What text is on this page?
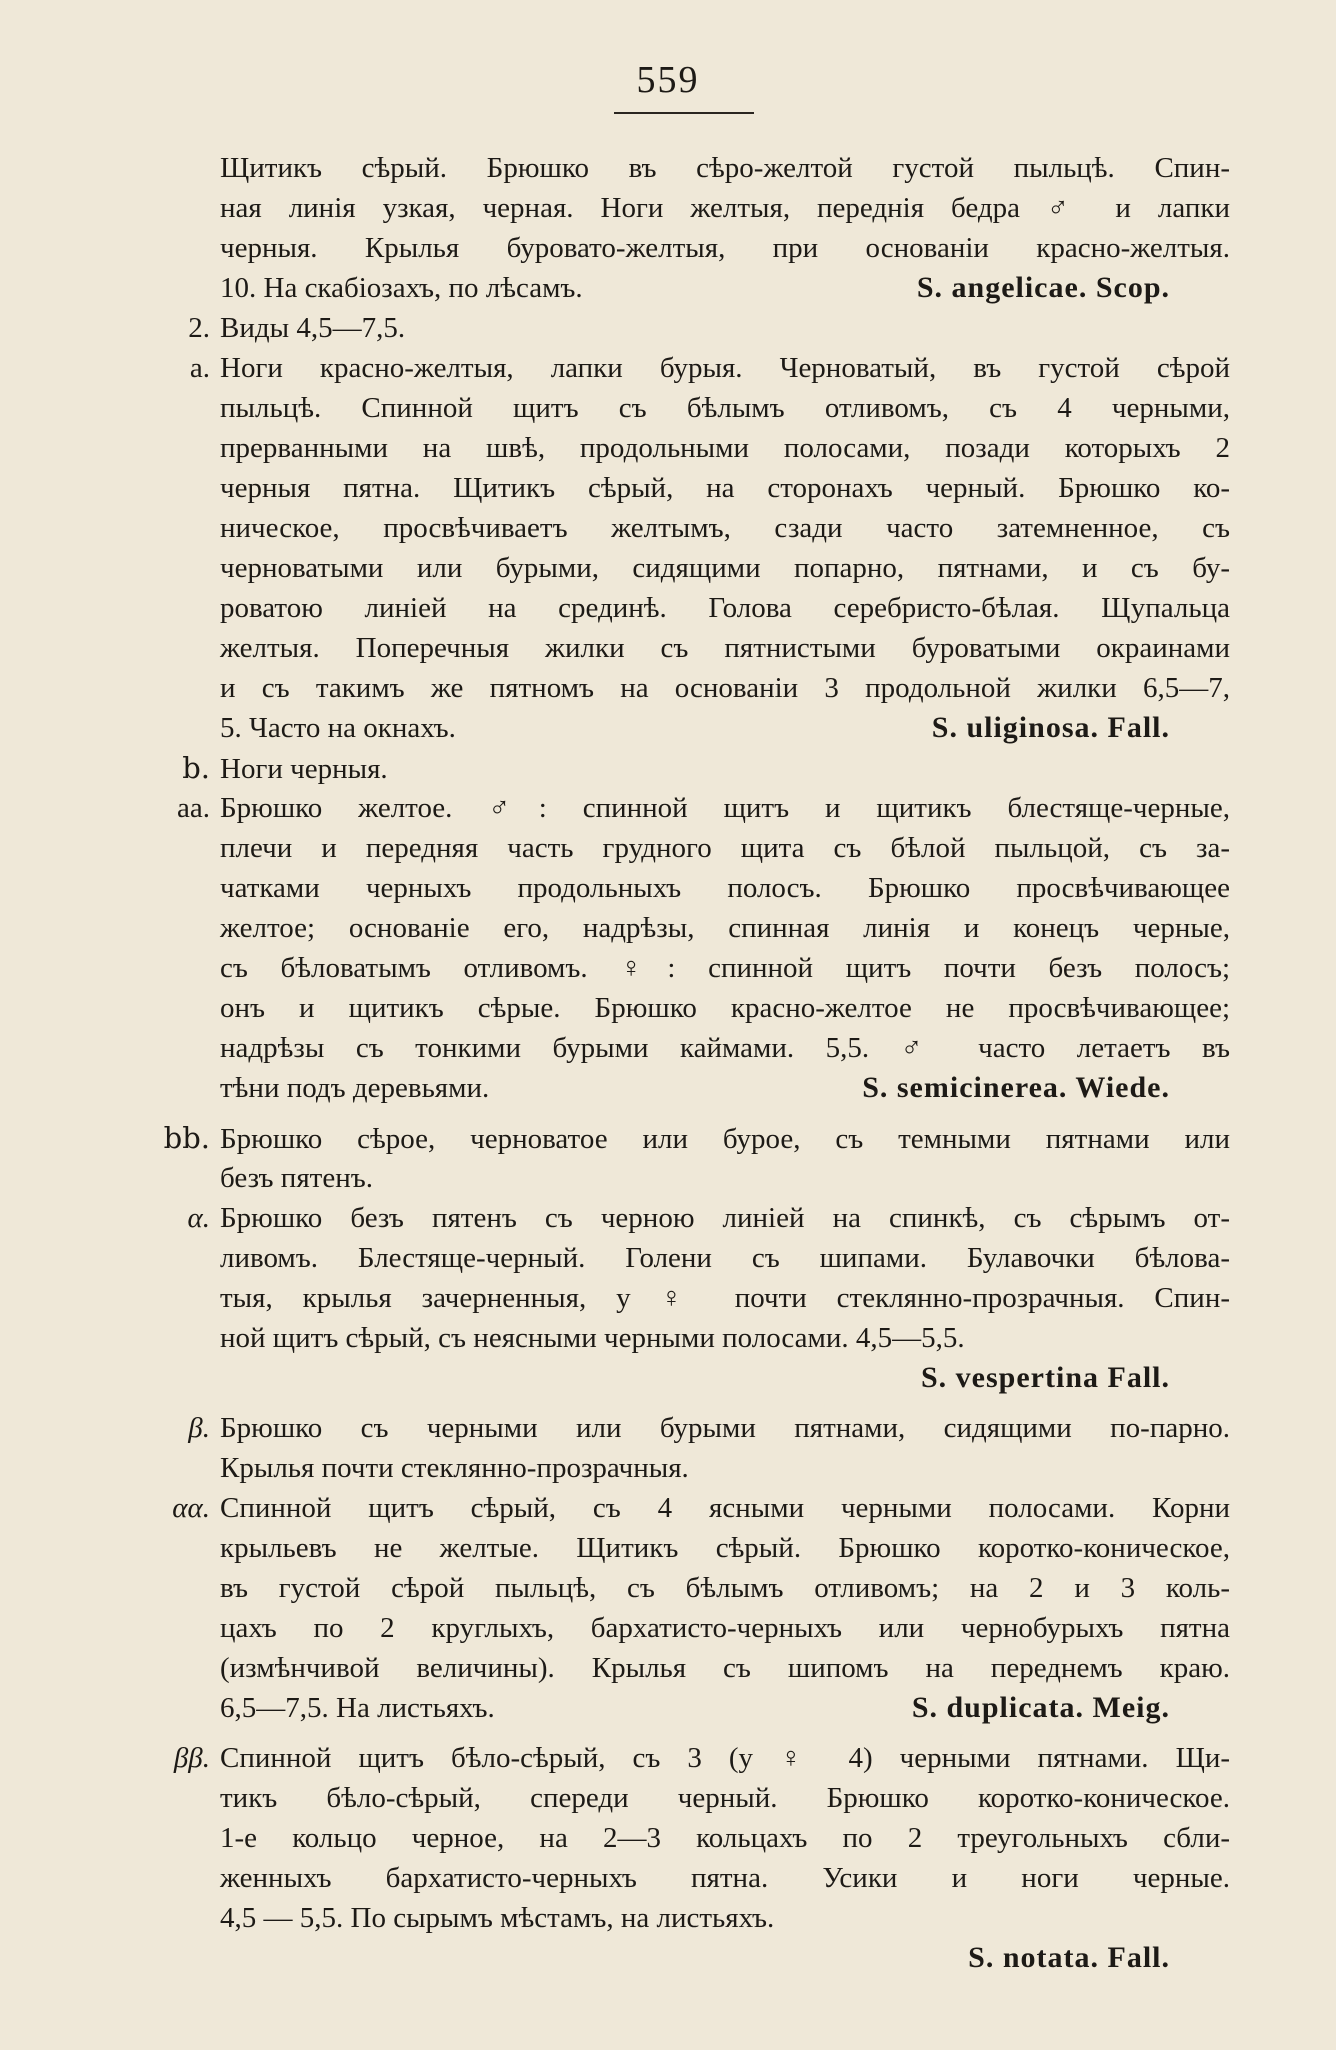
559
Щитикъ сѣрый. Брюшко въ сѣро-желтой густой пыльцѣ. Спин-
ная линія узкая, черная. Ноги желтыя, переднія бедра ♂ и лапки
черныя. Крылья буровато-желтыя, при основаніи красно-желтыя.
10. На скабіозахъ, по лѣсамъ.	S. angelicae. Scop.
2. Виды 4,5—7,5.
a. Ноги красно-желтыя, лапки бурыя. Черноватый, въ густой сѣрой
пыльцѣ. Спинной щитъ съ бѣлымъ отливомъ, съ 4 черными,
прерванными на швѣ, продольными полосами, позади которыхъ 2
черныя пятна. Щитикъ сѣрый, на сторонахъ черный. Брюшко ко-
ническое, просвѣчиваетъ желтымъ, сзади часто затемненное, съ
черноватыми или бурыми, сидящими попарно, пятнами, и съ бу-
роватою линіей на срединѣ. Голова серебристо-бѣлая. Щупальца
желтыя. Поперечныя жилки съ пятнистыми буроватыми окраинами
и съ такимъ же пятномъ на основаніи 3 продольной жилки 6,5—7,
5. Часто на окнахъ.	S. uliginosa. Fall.
b. Ноги черныя.
aa. Брюшко желтое. ♂: спинной щитъ и щитикъ блестяще-черные,
плечи и передняя часть грудного щита съ бѣлой пыльцой, съ за-
чатками черныхъ продольныхъ полосъ. Брюшко просвѣчивающее
желтое; основаніе его, надрѣзы, спинная линія и конецъ черные,
съ бѣловатымъ отливомъ. ♀: спинной щитъ почти безъ полосъ;
онъ и щитикъ сѣрые. Брюшко красно-желтое не просвѣчивающее;
надрѣзы съ тонкими бурыми каймами. 5,5. ♂ часто летаетъ въ
тѣни подъ деревьями.	S. semicinerea. Wiede.
bb. Брюшко сѣрое, черноватое или бурое, съ темными пятнами или
безъ пятенъ.
α. Брюшко безъ пятенъ съ черною линіей на спинкѣ, съ сѣрымъ от-
ливомъ. Блестяще-черный. Голени съ шипами. Булавочки бѣлова-
тыя, крылья зачерненныя, у ♀ почти стеклянно-прозрачныя. Спин-
ной щитъ сѣрый, съ неясными черными полосами. 4,5—5,5.
S. vespertina Fall.
β. Брюшко съ черными или бурыми пятнами, сидящими по-парно.
Крылья почти стеклянно-прозрачныя.
αα. Спинной щитъ сѣрый, съ 4 ясными черными полосами. Корни
крыльевъ не желтые. Щитикъ сѣрый. Брюшко коротко-коническое,
въ густой сѣрой пыльцѣ, съ бѣлымъ отливомъ; на 2 и 3 коль-
цахъ по 2 круглыхъ, бархатисто-черныхъ или чернобурыхъ пятна
(измѣнчивой величины). Крылья съ шипомъ на переднемъ краю.
6,5—7,5. На листьяхъ.	S. duplicata. Meig.
ββ. Спинной щитъ бѣло-сѣрый, съ 3 (у ♀ 4) черными пятнами. Щи-
тикъ бѣло-сѣрый, спереди черный. Брюшко коротко-коническое.
1-е кольцо черное, на 2—3 кольцахъ по 2 треугольныхъ сбли-
женныхъ бархатисто-черныхъ пятна. Усики и ноги черные.
4,5 — 5,5. По сырымъ мѣстамъ, на листьяхъ.
S. notata. Fall.
